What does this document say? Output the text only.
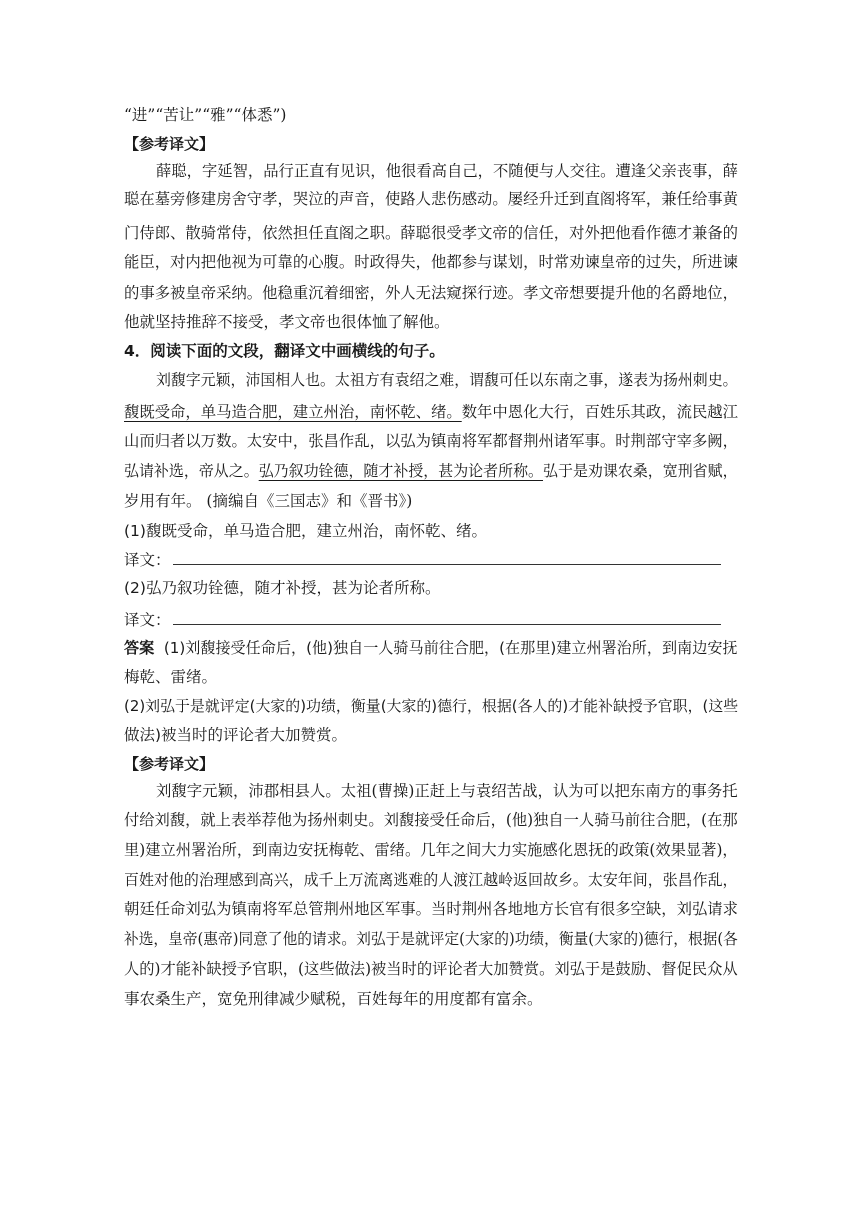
“进”“苦让”“雅”“体悉”)
【参考译文】
薛聪，字延智，品行正直有见识，他很看高自己，不随便与人交往。遭逢父亲丧事，薛
聪在墓旁修建房舍守孝，哭泣的声音，使路人悲伤感动。屡经升迁到直阁将军，兼任给事黄
门侍郎、散骑常侍，依然担任直阁之职。薛聪很受孝文帝的信任，对外把他看作德才兼备的
能臣，对内把他视为可靠的心腹。时政得失，他都参与谋划，时常劝谏皇帝的过失，所进谏
的事多被皇帝采纳。他稳重沉着细密，外人无法窥探行迹。孝文帝想要提升他的名爵地位，
他就坚持推辞不接受，孝文帝也很体恤了解他。
4．阅读下面的文段，翻译文中画横线的句子。
刘馥字元颖，沛国相人也。太祖方有袁绍之难，谓馥可任以东南之事，遂表为扬州刺史。
馥既受命，单马造合肥，建立州治，南怀乾、绪。数年中恩化大行，百姓乐其政，流民越江
山而归者以万数。太安中，张昌作乱，以弘为镇南将军都督荆州诸军事。时荆部守宰多阙，
弘请补选，帝从之。弘乃叙功铨德，随才补授，甚为论者所称。弘于是劝课农桑，宽刑省赋，
岁用有年。 (摘编自《三国志》和《晋书》)
(1)馥既受命，单马造合肥，建立州治，南怀乾、绪。
译文：
(2)弘乃叙功铨德，随才补授，甚为论者所称。
译文：
答案 (1)刘馥接受任命后，(他)独自一人骑马前往合肥，(在那里)建立州署治所，到南边安抚
梅乾、雷绪。
(2)刘弘于是就评定(大家的)功绩，衡量(大家的)德行，根据(各人的)才能补缺授予官职，(这些
做法)被当时的评论者大加赞赏。
【参考译文】
刘馥字元颖，沛郡相县人。太祖(曹操)正赶上与袁绍苦战，认为可以把东南方的事务托
付给刘馥，就上表举荐他为扬州刺史。刘馥接受任命后，(他)独自一人骑马前往合肥，(在那
里)建立州署治所，到南边安抚梅乾、雷绪。几年之间大力实施感化恩抚的政策(效果显著)，
百姓对他的治理感到高兴，成千上万流离逃难的人渡江越岭返回故乡。太安年间，张昌作乱，
朝廷任命刘弘为镇南将军总管荆州地区军事。当时荆州各地地方长官有很多空缺，刘弘请求
补选，皇帝(惠帝)同意了他的请求。刘弘于是就评定(大家的)功绩，衡量(大家的)德行，根据(各
人的)才能补缺授予官职，(这些做法)被当时的评论者大加赞赏。刘弘于是鼓励、督促民众从
事农桑生产，宽免刑律减少赋税，百姓每年的用度都有富余。
